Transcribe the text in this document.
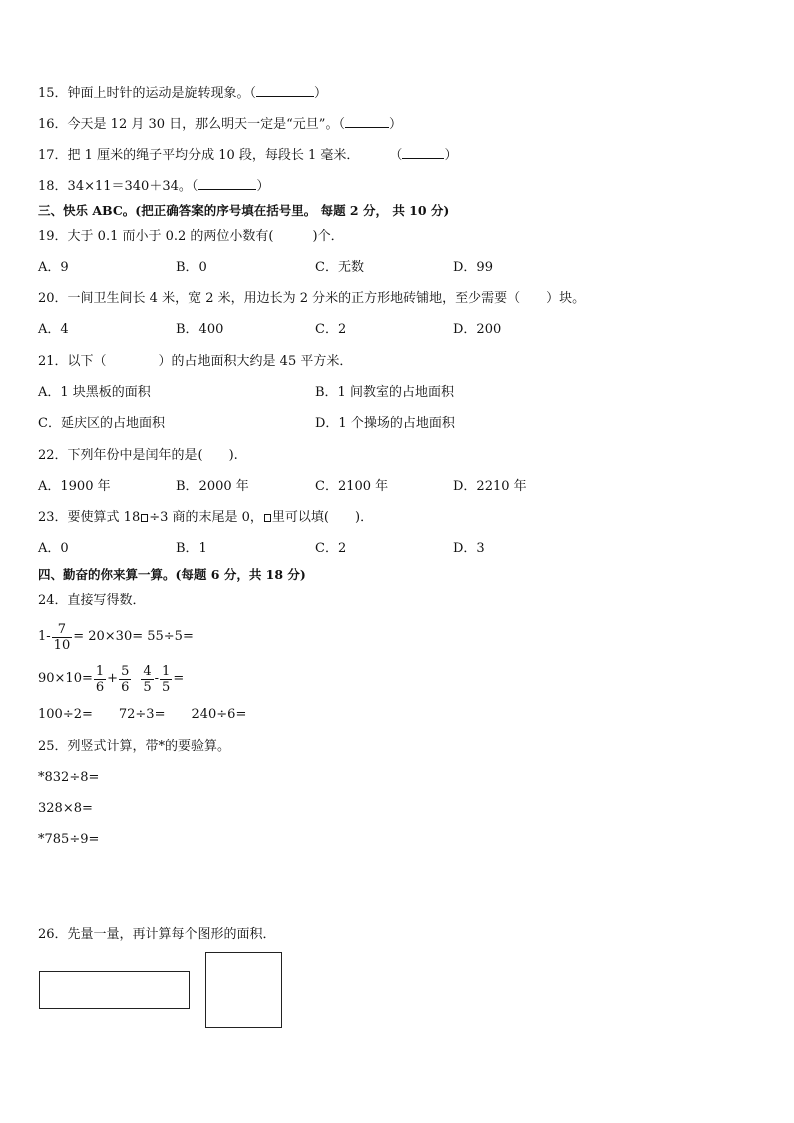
15．钟面上时针的运动是旋转现象。（	）
16．今天是 12 月 30 日，那么明天一定是“元旦”。（	）
17．把 1 厘米的绳子平均分成 10 段，每段长 1 毫米． （	）
18．34×11＝340＋34。（	）
三、快乐 ABC。(把正确答案的序号填在括号里。 每题 2 分， 共 10 分)
19．大于 0.1 而小于 0.2 的两位小数有(　　　)个．
A．9	B．0	C．无数	D．99
20．一间卫生间长 4 米，宽 2 米，用边长为 2 分米的正方形地砖铺地，至少需要（　　）块。
A．4	B．400	C．2	D．200
21．以下（　　　　）的占地面积大约是 45 平方米．
A．1 块黑板的面积	B．1 间教室的占地面积
C．延庆区的占地面积	D．1 个操场的占地面积
22．下列年份中是闰年的是(　　).
A．1900 年	B．2000 年	C．2100 年	D．2210 年
23．要使算式 18 ÷3 商的末尾是 0， 里可以填(　　)．
A．0	B．1	C．2	D．3
四、勤奋的你来算一算。(每题 6 分，共 18 分)
24．直接写得数．
$1- \frac{7}{10} = 20\times 30= 55\div 5=$
$90\times 10= \frac{1}{6} + \frac{5}{6} \frac{4}{5} - \frac{1}{5}$ =
100÷2=　　72÷3=　　240÷6=
25．列竖式计算，带*的要验算。
*832÷8=
328×8=
*785÷9=
26．先量一量，再计算每个图形的面积．
